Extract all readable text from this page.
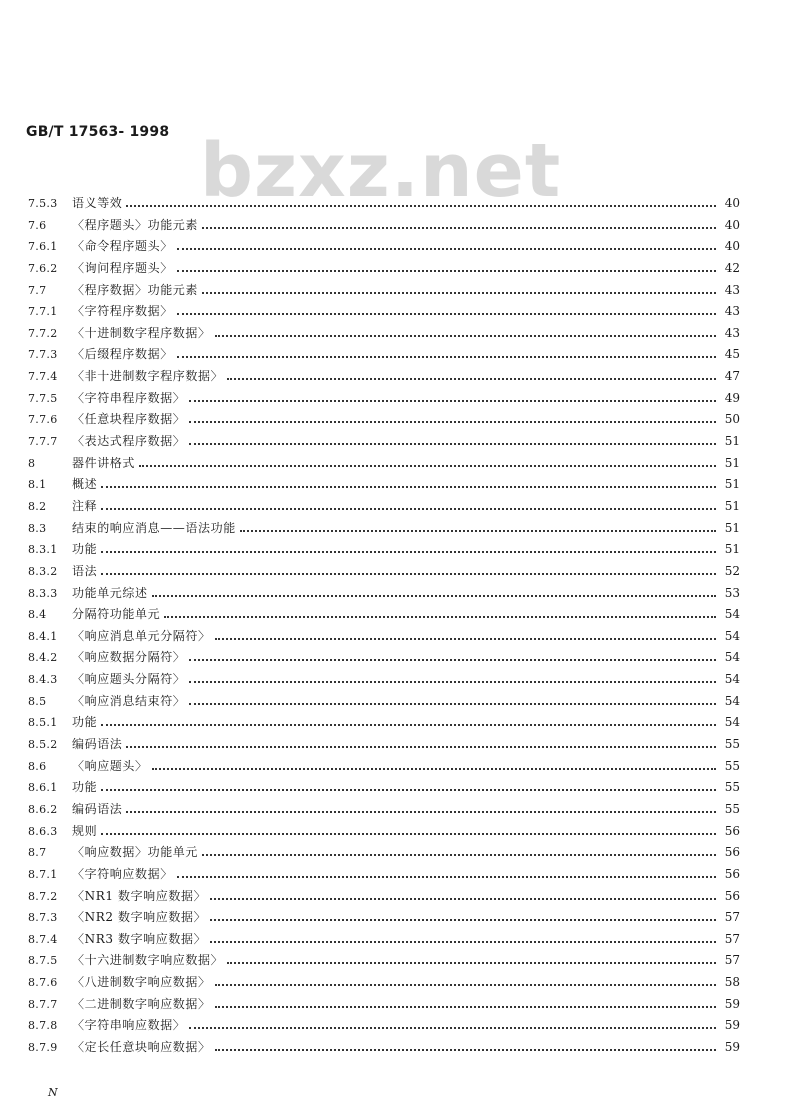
GB/T 17563- 1998 bzxz.net
7.5.3	语义等效	40
7.6	〈程序题头〉功能元素	40
7.6.1	〈命令程序题头〉	40
7.6.2	〈询问程序题头〉	42
7.7	〈程序数据〉功能元素	43
7.7.1	〈字符程序数据〉	43
7.7.2	〈十进制数字程序数据〉	43
7.7.3	〈后缀程序数据〉	45
7.7.4	〈非十进制数字程序数据〉	47
7.7.5	〈字符串程序数据〉	49
7.7.6	〈任意块程序数据〉	50
7.7.7	〈表达式程序数据〉	51
8	器件讲格式	51
8.1	概述	51
8.2	注释	51
8.3	结束的响应消息——语法功能	51
8.3.1	功能	51
8.3.2	语法	52
8.3.3	功能单元综述	53
8.4	分隔符功能单元	54
8.4.1	〈响应消息单元分隔符〉	54
8.4.2	〈响应数据分隔符〉	54
8.4.3	〈响应题头分隔符〉	54
8.5	〈响应消息结束符〉	54
8.5.1	功能	54
8.5.2	编码语法	55
8.6	〈响应题头〉	55
8.6.1	功能	55
8.6.2	编码语法	55
8.6.3	规则	56
8.7	〈响应数据〉功能单元	56
8.7.1	〈字符响应数据〉	56
8.7.2	〈NR1 数字响应数据〉	56
8.7.3	〈NR2 数字响应数据〉	57
8.7.4	〈NR3 数字响应数据〉	57
8.7.5	〈十六进制数字响应数据〉	57
8.7.6	〈八进制数字响应数据〉	58
8.7.7	〈二进制数字响应数据〉	59
8.7.8	〈字符串响应数据〉	59
8.7.9	〈定长任意块响应数据〉	59
N
